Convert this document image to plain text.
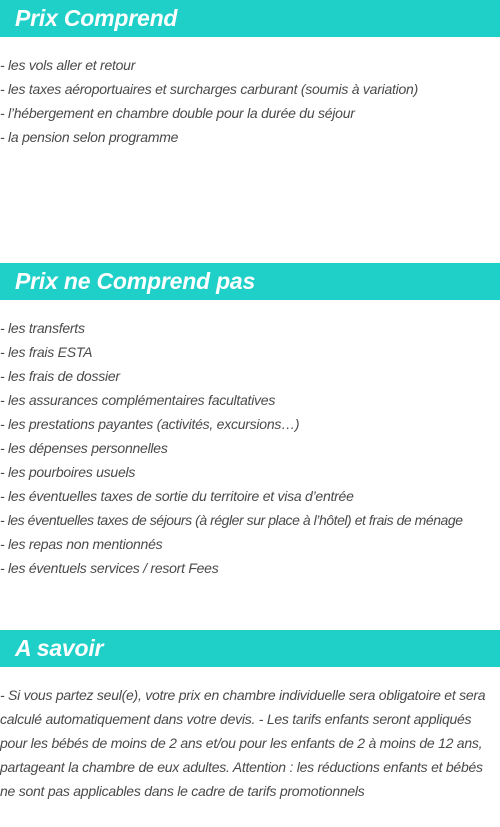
Prix Comprend
- les vols aller et retour
- les taxes aéroportuaires et surcharges carburant (soumis à variation)
- l’hébergement en chambre double pour la durée du séjour
- la pension selon programme
Prix ne Comprend pas
- les transferts
- les frais ESTA
- les frais de dossier
- les assurances complémentaires facultatives
- les prestations payantes (activités, excursions…)
- les dépenses personnelles
- les pourboires usuels
- les éventuelles taxes de sortie du territoire et visa d’entrée
- les éventuelles taxes de séjours (à régler sur place à l’hôtel) et frais de ménage
- les repas non mentionnés
- les éventuels services / resort Fees
A savoir

- Si vous partez seul(e), votre prix en chambre individuelle sera obligatoire et sera calculé automatiquement dans votre devis. - Les tarifs enfants seront appliqués pour les bébés de moins de 2 ans et/ou pour les enfants de 2 à moins de 12 ans, partageant la chambre de eux adultes. Attention : les réductions enfants et bébés ne sont pas applicables dans le cadre de tarifs promotionnels
